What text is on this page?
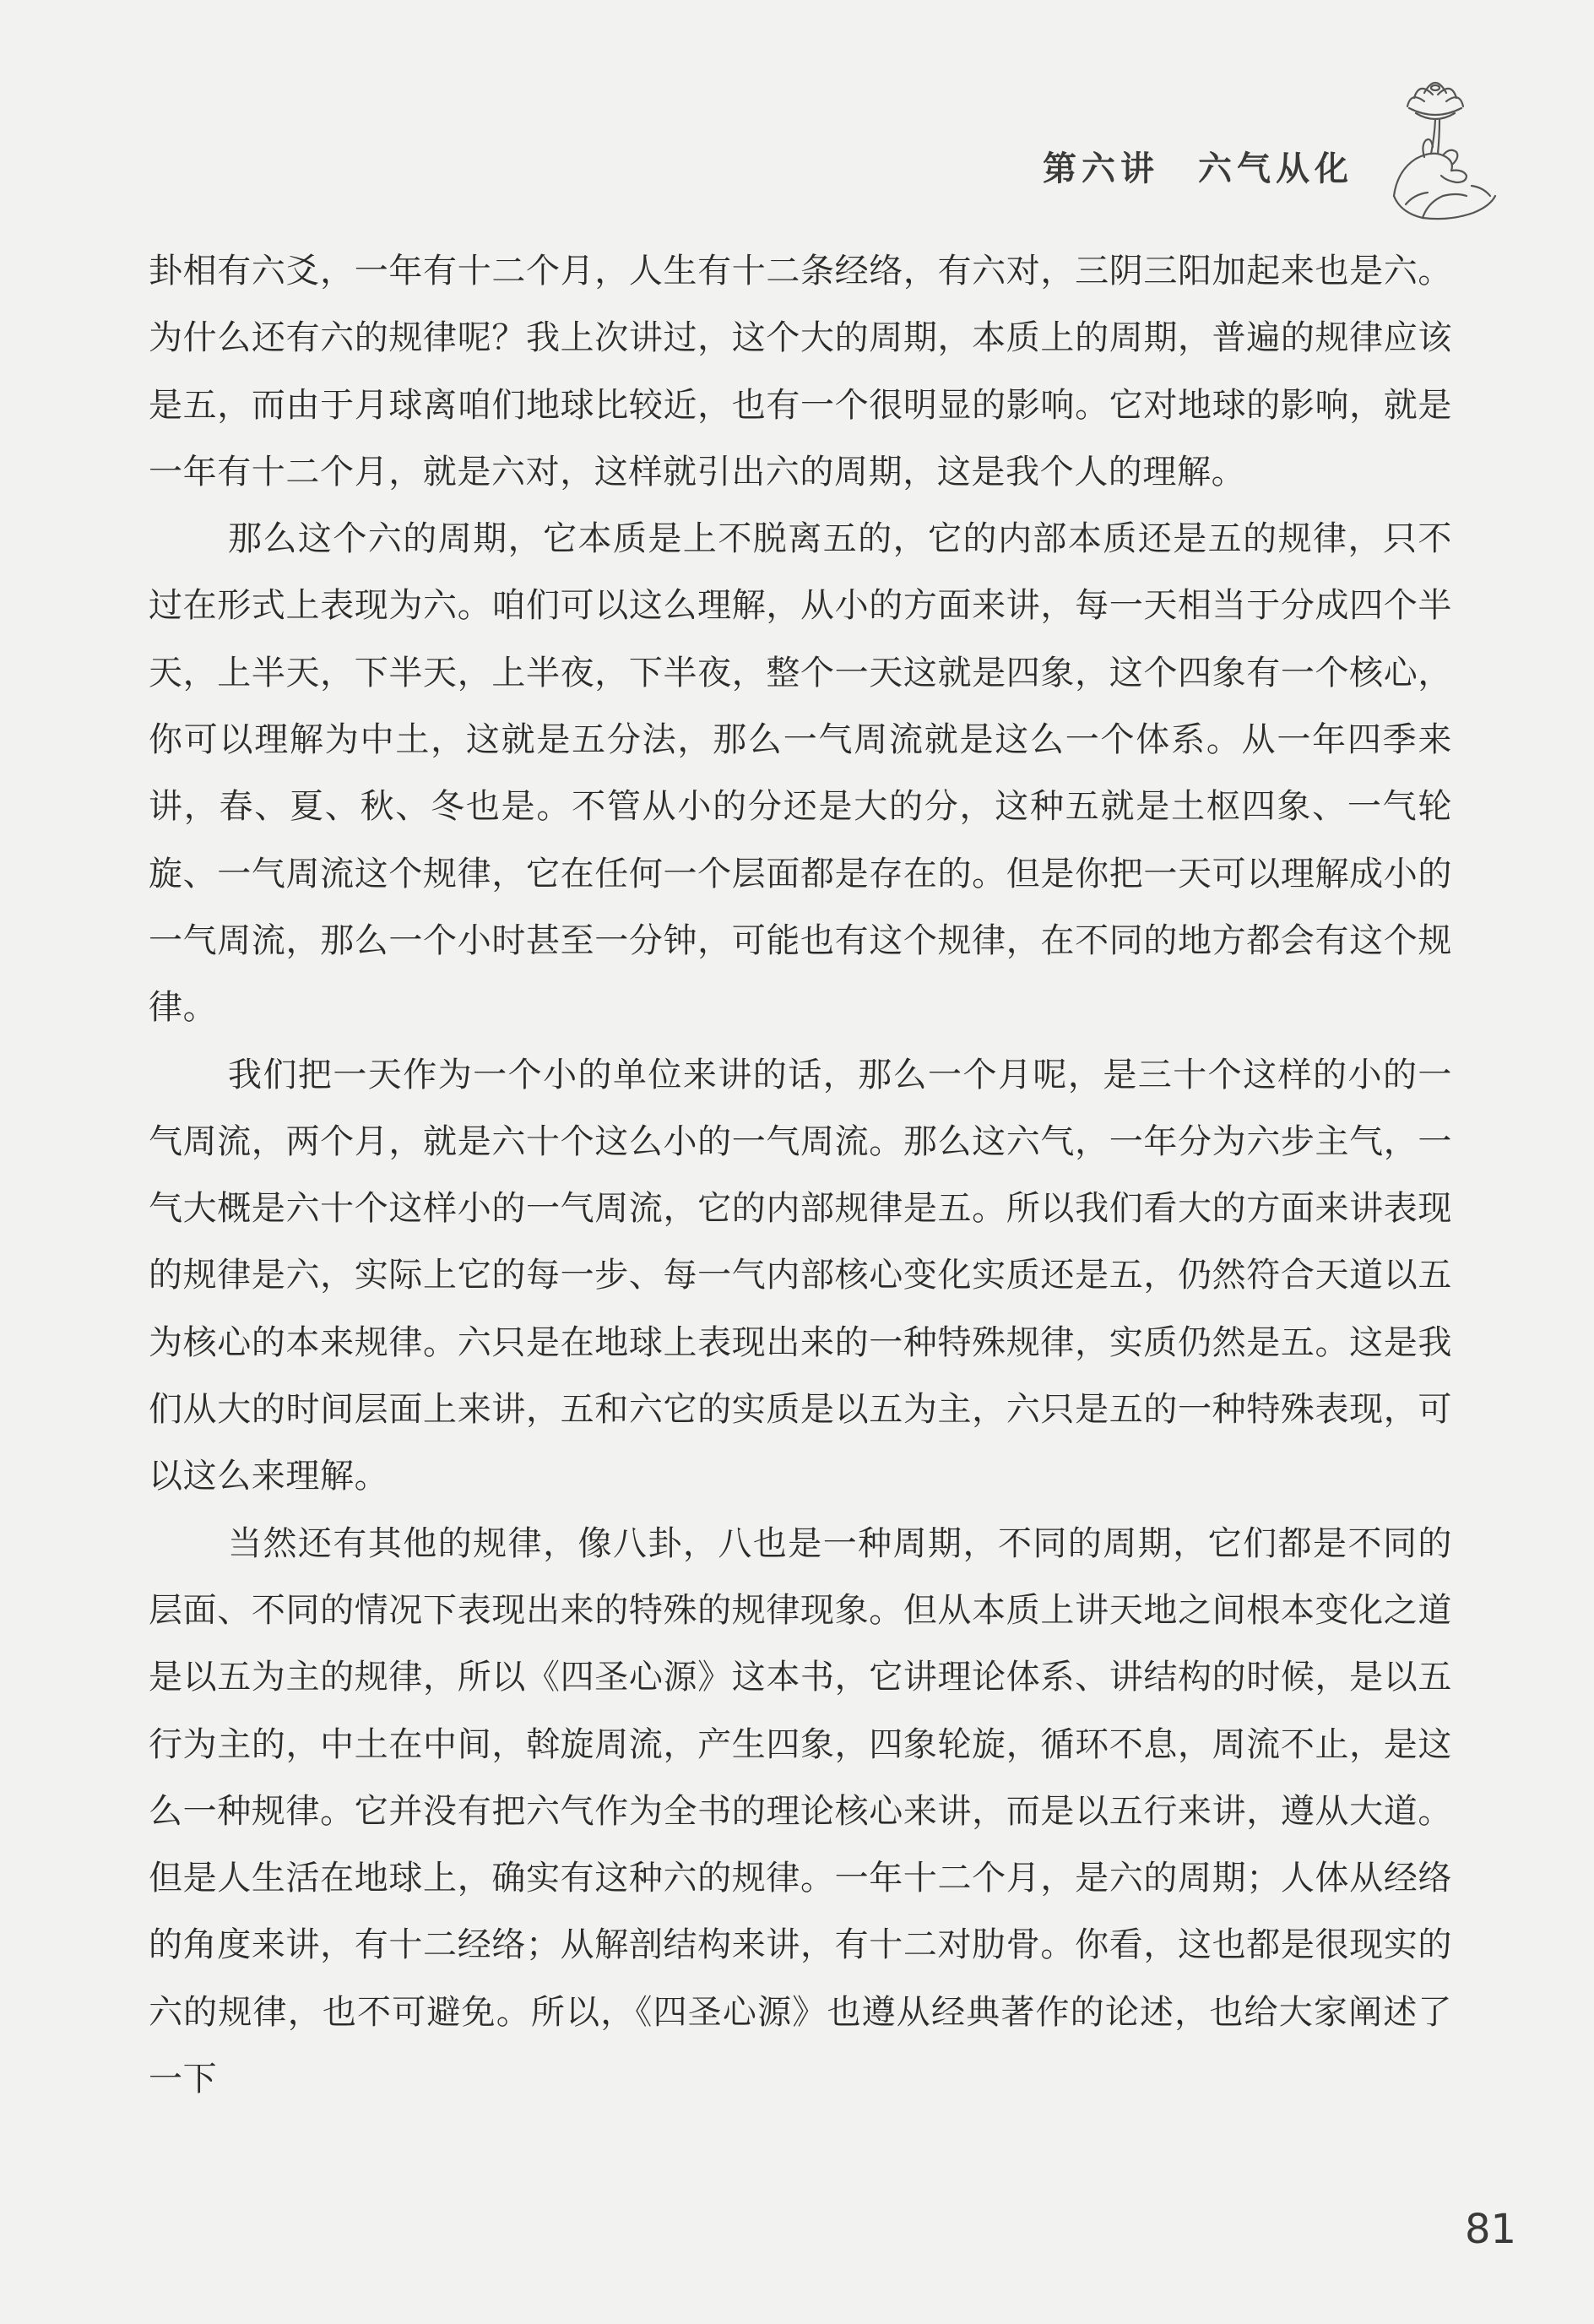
第六讲 六气从化

卦相有六爻，一年有十二个月，人生有十二条经络，有六对，三阴三阳加起来也是六。为什么还有六的规律呢？我上次讲过，这个大的周期，本质上的周期，普遍的规律应该是五，而由于月球离咱们地球比较近，也有一个很明显的影响。它对地球的影响，就是一年有十二个月，就是六对，这样就引出六的周期，这是我个人的理解。

那么这个六的周期，它本质是上不脱离五的，它的内部本质还是五的规律，只不过在形式上表现为六。咱们可以这么理解，从小的方面来讲，每一天相当于分成四个半天，上半天，下半天，上半夜，下半夜，整个一天这就是四象，这个四象有一个核心，你可以理解为中土，这就是五分法，那么一气周流就是这么一个体系。从一年四季来讲，春、夏、秋、冬也是。不管从小的分还是大的分，这种五就是土枢四象、一气轮旋、一气周流这个规律，它在任何一个层面都是存在的。但是你把一天可以理解成小的一气周流，那么一个小时甚至一分钟，可能也有这个规律，在不同的地方都会有这个规律。

我们把一天作为一个小的单位来讲的话，那么一个月呢，是三十个这样的小的一气周流，两个月，就是六十个这么小的一气周流。那么这六气，一年分为六步主气，一气大概是六十个这样小的一气周流，它的内部规律是五。所以我们看大的方面来讲表现的规律是六，实际上它的每一步、每一气内部核心变化实质还是五，仍然符合天道以五为核心的本来规律。六只是在地球上表现出来的一种特殊规律，实质仍然是五。这是我们从大的时间层面上来讲，五和六它的实质是以五为主，六只是五的一种特殊表现，可以这么来理解。

当然还有其他的规律，像八卦，八也是一种周期，不同的周期，它们都是不同的层面、不同的情况下表现出来的特殊的规律现象。但从本质上讲天地之间根本变化之道是以五为主的规律，所以《四圣心源》这本书，它讲理论体系、讲结构的时候，是以五行为主的，中土在中间，斡旋周流，产生四象，四象轮旋，循环不息，周流不止，是这么一种规律。它并没有把六气作为全书的理论核心来讲，而是以五行来讲，遵从大道。但是人生活在地球上，确实有这种六的规律。一年十二个月，是六的周期；人体从经络的角度来讲，有十二经络；从解剖结构来讲，有十二对肋骨。你看，这也都是很现实的六的规律，也不可避免。所以，《四圣心源》也遵从经典著作的论述，也给大家阐述了一下

81
